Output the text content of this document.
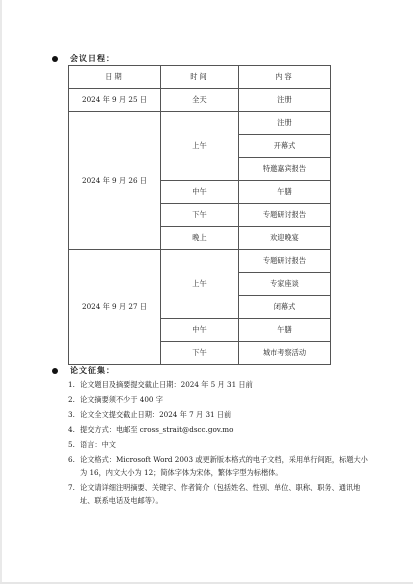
会议日程：
日期	时间	内容
2024 年 9 月 25 日	全天	注册
2024 年 9 月 26 日	上午	注册
		开幕式
		特邀嘉宾报告
	中午	午膳
	下午	专题研讨报告
	晚上	欢迎晚宴
2024 年 9 月 27 日	上午	专题研讨报告
		专家座谈
		闭幕式
	中午	午膳
	下午	城市考察活动
论文征集：
1. 论文题目及摘要提交截止日期：2024 年 5 月 31 日前
2. 论文摘要须不少于 400 字
3. 论文全文提交截止日期：2024 年 7 月 31 日前
4. 提交方式：电邮至 cross_strait@dscc.gov.mo
5. 语言：中文
6. 论文格式：Microsoft Word 2003 或更新版本格式的电子文档，采用单行间距，标题大小为 16，内文大小为 12；简体字体为宋体，繁体字型为标楷体。
7. 论文请详细注明摘要、关键字、作者简介（包括姓名、性别、单位、职称、职务、通讯地址、联系电话及电邮等）。
